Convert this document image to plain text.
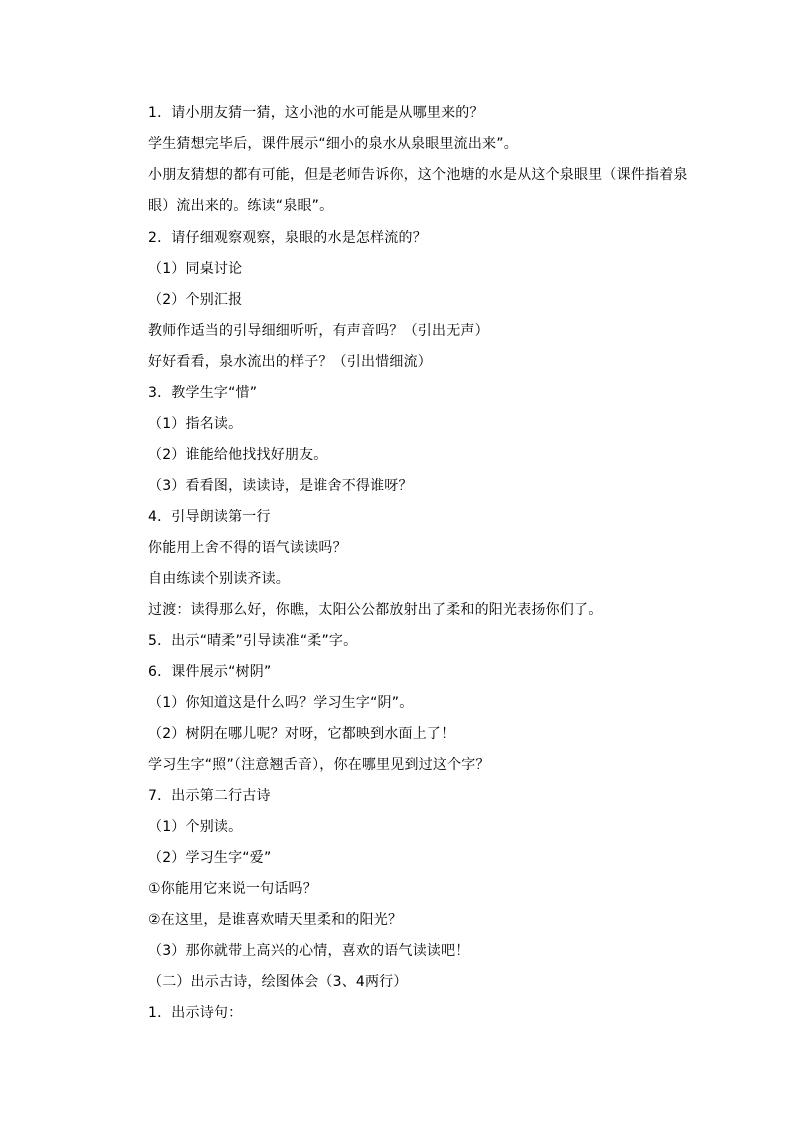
1．请小朋友猜一猜，这小池的水可能是从哪里来的？
学生猜想完毕后，课件展示“细小的泉水从泉眼里流出来”。
小朋友猜想的都有可能，但是老师告诉你，这个池塘的水是从这个泉眼里（课件指着泉眼）流出来的。练读“泉眼”。
2．请仔细观察观察，泉眼的水是怎样流的？
（1）同桌讨论
（2）个别汇报
教师作适当的引导细细听听，有声音吗？（引出无声）
好好看看，泉水流出的样子？（引出惜细流）
3．教学生字“惜”
（1）指名读。
（2）谁能给他找找好朋友。
（3）看看图，读读诗，是谁舍不得谁呀？
4．引导朗读第一行
你能用上舍不得的语气读读吗？
自由练读个别读齐读。
过渡：读得那么好，你瞧，太阳公公都放射出了柔和的阳光表扬你们了。
5．出示“晴柔”引导读准“柔”字。
6．课件展示“树阴”
（1）你知道这是什么吗？学习生字“阴”。
（2）树阴在哪儿呢？对呀，它都映到水面上了！
学习生字“照”（注意翘舌音），你在哪里见到过这个字？
7．出示第二行古诗
（1）个别读。
（2）学习生字“爱”
①你能用它来说一句话吗？
②在这里，是谁喜欢晴天里柔和的阳光？
（3）那你就带上高兴的心情，喜欢的语气读读吧！
（二）出示古诗，绘图体会（3、4两行）
1．出示诗句：
